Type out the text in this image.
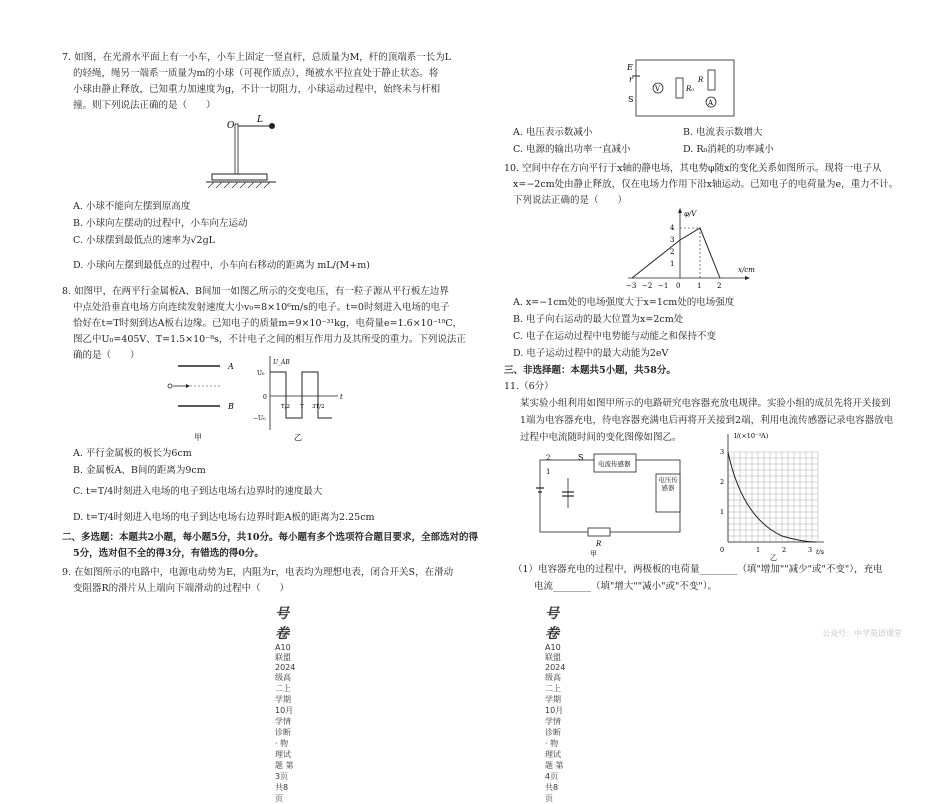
7. 如图，在光滑水平面上有一小车，小车上固定一竖直杆，总质量为M，杆的顶端系一长为L
的轻绳，绳另一端系一质量为m的小球（可视作质点），绳被水平拉直处于静止状态。将
小球由静止释放，已知重力加速度为g，不计一切阻力，小球运动过程中，始终未与杆相
撞。则下列说法正确的是（　　）
O
L
A. 小球不能向左摆到原高度
B. 小球向左摆动的过程中，小车向左运动
C. 小球摆到最低点的速率为√2gL
D. 小球向左摆到最低点的过程中，小车向右移动的距离为 mL/(M+m)
8. 如图甲，在两平行金属板A、B间加一如图乙所示的交变电压，有一粒子源从平行板左边界
中点处沿垂直电场方向连续发射速度大小v₀=8×10⁶m/s的电子。t=0时刻进入电场的电子
恰好在t=T时刻到达A板右边缘。已知电子的质量m=9×10⁻³¹kg，电荷量e=1.6×10⁻¹⁹C，
图乙中U₀=405V、T=1.5×10⁻⁸s，不计电子之间的相互作用力及其所受的重力。下列说法正
确的是（　　）
A
B
甲
U_AB
U₀
0
−U₀
t
T/2 T 3T/2
乙
A. 平行金属板的板长为6cm
B. 金属板A、B间的距离为9cm
C. t=T/4时刻进入电场的电子到达电场右边界时的速度最大
D. t=T/4时刻进入电场的电子到达电场右边界时距A板的距离为2.25cm
二、多选题：本题共2小题，每小题5分，共10分。每小题有多个选项符合题目要求，全部选对的得
5分，选对但不全的得3分，有错选的得0分。
9. 在如图所示的电路中，电源电动势为E，内阻为r，电表均为理想电表，闭合开关S，在滑动
变阻器R的滑片从上端向下端滑动的过程中（　　）
号卷 A10联盟2024级高二上学期10月学情诊断 · 物理试题 第3页 共8页
E
r
S
V	R₀
R
A
A. 电压表示数减小	B. 电流表示数增大
C. 电源的输出功率一直减小	D. R₀消耗的功率减小
10. 空间中存在方向平行于x轴的静电场，其电势φ随x的变化关系如图所示。现将一电子从
x=−2cm处由静止释放，仅在电场力作用下沿x轴运动。已知电子的电荷量为e，重力不计。
下列说法正确的是（　　）
φ/V
x/cm
4
3
2
1
−3 −2 −1 0 1 2
A. x=−1cm处的电场强度大于x=1cm处的电场强度
B. 电子向右运动的最大位置为x=2cm处
C. 电子在运动过程中电势能与动能之和保持不变
D. 电子运动过程中的最大动能为2eV
三、非选择题：本题共5小题，共58分。
11.（6分）
某实验小组利用如图甲所示的电路研究电容器充放电规律。实验小组的成员先将开关接到
1端为电容器充电，待电容器充满电后再将开关接到2端，利用电流传感器记录电容器放电
过程中电流随时间的变化图像如图乙。
2
1
S
电流传感器
电压传感器
R
甲
I/(×10⁻³A)
t/s
3
2
1
0	1	2	3
乙
（1）电容器充电的过程中，两极板的电荷量________（填"增加""减少"或"不变"），充电
电流________（填"增大""减小"或"不变"）。
号卷 A10联盟2024级高二上学期10月学情诊断 · 物理试题 第4页 共8页
公众号：中学英语课堂
